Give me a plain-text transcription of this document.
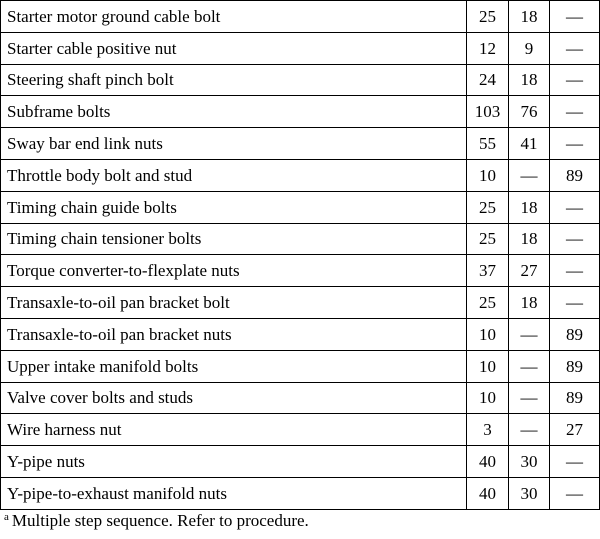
Starter motor ground cable bolt	25	18	—
Starter cable positive nut	12	9	—
Steering shaft pinch bolt	24	18	—
Subframe bolts	103	76	—
Sway bar end link nuts	55	41	—
Throttle body bolt and stud	10	—	89
Timing chain guide bolts	25	18	—
Timing chain tensioner bolts	25	18	—
Torque converter-to-flexplate nuts	37	27	—
Transaxle-to-oil pan bracket bolt	25	18	—
Transaxle-to-oil pan bracket nuts	10	—	89
Upper intake manifold bolts	10	—	89
Valve cover bolts and studs	10	—	89
Wire harness nut	3	—	27
Y-pipe nuts	40	30	—
Y-pipe-to-exhaust manifold nuts	40	30	—
$^a$ Multiple step sequence. Refer to procedure.
